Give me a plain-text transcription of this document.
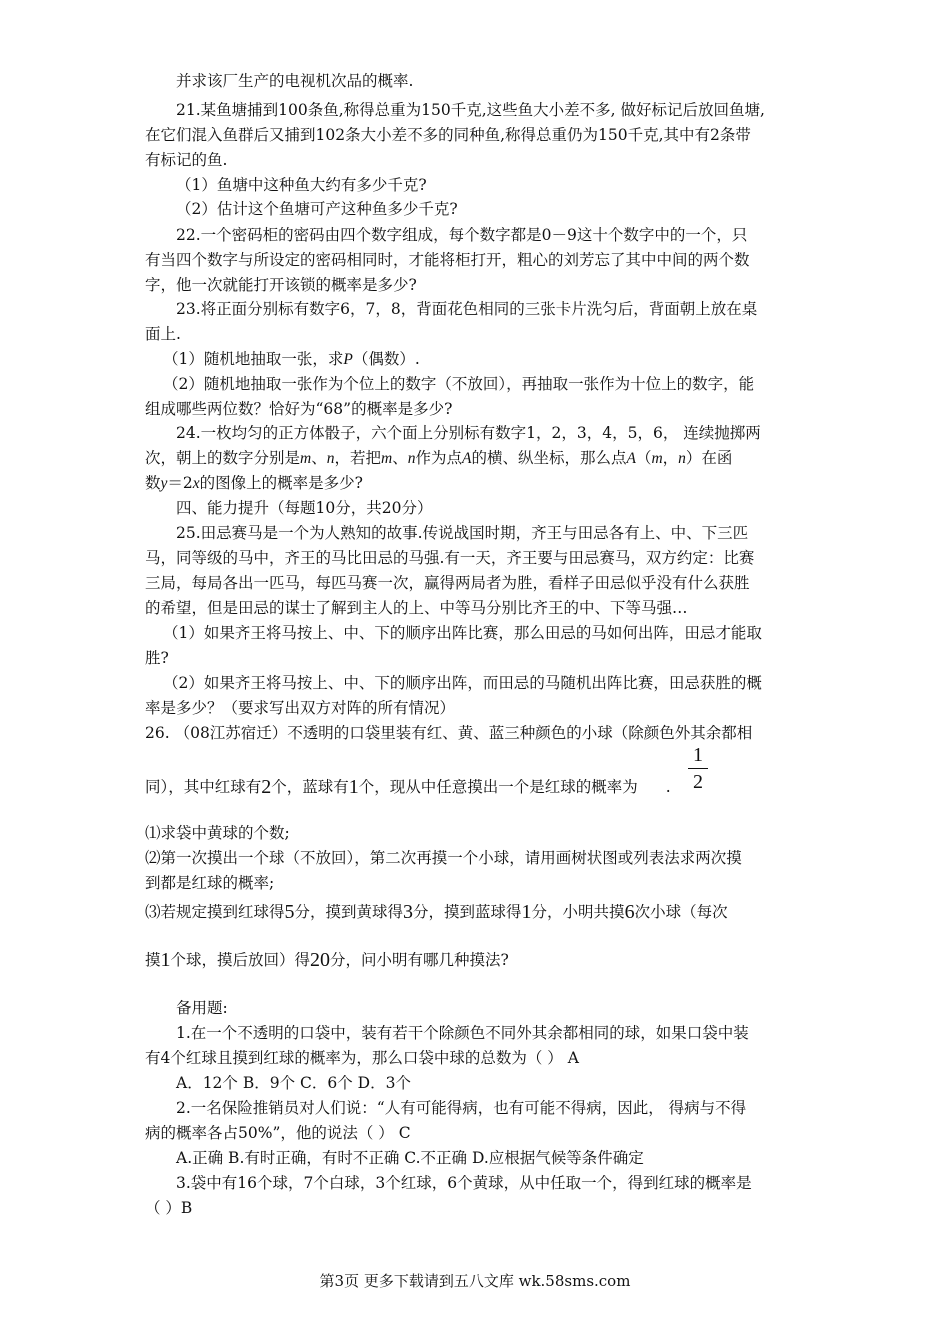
并求该厂生产的电视机次品的概率.
21.某鱼塘捕到100条鱼,称得总重为150千克,这些鱼大小差不多, 做好标记后放回鱼塘,
在它们混入鱼群后又捕到102条大小差不多的同种鱼,称得总重仍为150千克,其中有2条带
有标记的鱼.
（1）鱼塘中这种鱼大约有多少千克?
（2）估计这个鱼塘可产这种鱼多少千克?
22.一个密码柜的密码由四个数字组成，每个数字都是0－9这十个数字中的一个，只
有当四个数字与所设定的密码相同时，才能将柜打开，粗心的刘芳忘了其中中间的两个数
字，他一次就能打开该锁的概率是多少?
23.将正面分别标有数字6，7，8，背面花色相同的三张卡片洗匀后，背面朝上放在桌
面上.
（1）随机地抽取一张，求P（偶数）.
（2）随机地抽取一张作为个位上的数字（不放回），再抽取一张作为十位上的数字，能
组成哪些两位数？恰好为“68”的概率是多少?
24.一枚均匀的正方体骰子，六个面上分别标有数字1，2，3，4，5，6， 连续抛掷两
次，朝上的数字分别是m、n，若把m、n作为点A的横、纵坐标，那么点A（m，n）在函
数y＝2x的图像上的概率是多少?
四、能力提升（每题10分，共20分）
25.田忌赛马是一个为人熟知的故事.传说战国时期，齐王与田忌各有上、中、下三匹
马，同等级的马中，齐王的马比田忌的马强.有一天，齐王要与田忌赛马，双方约定：比赛
三局，每局各出一匹马，每匹马赛一次，赢得两局者为胜，看样子田忌似乎没有什么获胜
的希望，但是田忌的谋士了解到主人的上、中等马分别比齐王的中、下等马强…
（1）如果齐王将马按上、中、下的顺序出阵比赛，那么田忌的马如何出阵，田忌才能取
胜?
（2）如果齐王将马按上、中、下的顺序出阵，而田忌的马随机出阵比赛，田忌获胜的概
率是多少？（要求写出双方对阵的所有情况）
26. （08江苏宿迁）不透明的口袋里装有红、黄、蓝三种颜色的小球（除颜色外其余都相
同），其中红球有2个，蓝球有1个，现从中任意摸出一个是红球的概率为 .
1
2
⑴求袋中黄球的个数;
⑵第一次摸出一个球（不放回），第二次再摸一个小球，请用画树状图或列表法求两次摸
到都是红球的概率;
⑶若规定摸到红球得5分，摸到黄球得3分，摸到蓝球得1分，小明共摸6次小球（每次
摸1个球，摸后放回）得20分，问小明有哪几种摸法?
备用题:
1.在一个不透明的口袋中，装有若干个除颜色不同外其余都相同的球，如果口袋中装
有4个红球且摸到红球的概率为，那么口袋中球的总数为（ ） A
A．12个 B．9个 C．6个 D．3个
2.一名保险推销员对人们说：“人有可能得病，也有可能不得病，因此， 得病与不得
病的概率各占50%”，他的说法（ ） C
A.正确 B.有时正确，有时不正确 C.不正确 D.应根据气候等条件确定
3.袋中有16个球，7个白球，3个红球，6个黄球，从中任取一个，得到红球的概率是
（ ）B
第3页 更多下载请到五八文库 wk.58sms.com
